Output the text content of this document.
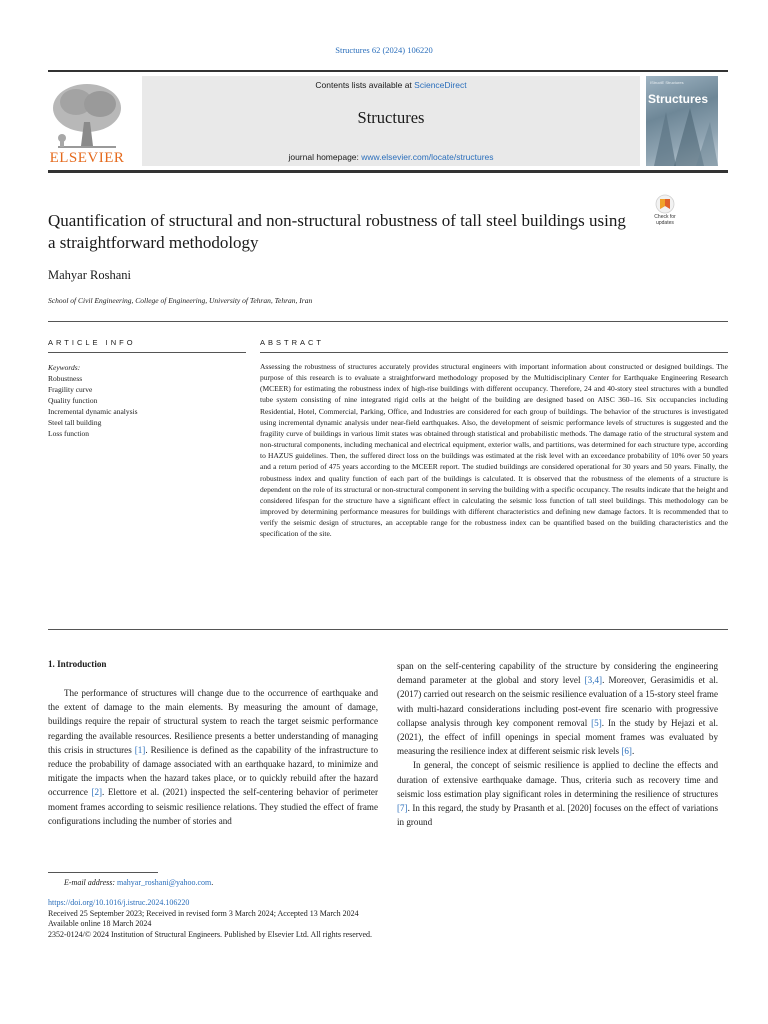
Structures 62 (2024) 106220
ELSEVIER
Contents lists available at ScienceDirect
Structures
journal homepage: www.elsevier.com/locate/structures
IStructE Structures
Structures
Quantification of structural and non-structural robustness of tall steel buildings using a straightforward methodology
Check for
updates
Mahyar Roshani
School of Civil Engineering, College of Engineering, University of Tehran, Tehran, Iran
ARTICLE INFO	ABSTRACT
Keywords:
Robustness
Fragility curve
Quality function
Incremental dynamic analysis
Steel tall building
Loss function
Assessing the robustness of structures accurately provides structural engineers with important information about constructed or designed buildings. The purpose of this research is to evaluate a straightforward methodology proposed by the Multidisciplinary Center for Earthquake Engineering Research (MCEER) for estimating the robustness index of high-rise buildings with different occupancy. Therefore, 24 and 40-story steel structures with a bundled tube system consisting of nine integrated rigid cells at the height of the building are designed based on AISC 360–16. Six occupancies including Residential, Hotel, Commercial, Parking, Office, and Industries are considered for each group of buildings. The behavior of the structures is investigated using incremental dynamic analysis under near-field earthquakes. Also, the development of seismic performance levels of structures is suggested and the fragility curve of buildings in various limit states was obtained through statistical and probabilistic methods. The damage ratio of the structural system and non-structural components, including mechanical and electrical equipment, exterior walls, and partitions, was determined for each structure type, according to HAZUS guidelines. Then, the suffered direct loss on the buildings was estimated at the risk level with an exceedance probability of 10% over 50 years and a return period of 475 years according to the MCEER report. The studied buildings are considered operational for 30 years and 50 years. Finally, the robustness index and quality function of each part of the buildings is calculated. It is observed that the robustness of the elements of a structure is dependent on the role of its structural or non-structural component in serving the building with a specific occupancy. The results indicate that the height and considered lifespan for the structure have a significant effect in calculating the seismic loss function of tall steel buildings. This methodology can be improved by determining performance measures for buildings with different characteristics and defining new damage factors. It is recommended that to verify the seismic design of structures, an acceptable range for the robustness index can be quantified based on the building characteristics and the specification of the site.
1. Introduction

The performance of structures will change due to the occurrence of earthquake and the extent of damage to the main elements. By measuring the amount of damage, buildings require the repair of structural system to reach the target seismic performance regarding the available resources. Resilience presents a better understanding of managing this crisis in structures [1]. Resilience is defined as the capability of the infrastructure to reduce the probability of damage associated with an earthquake hazard, to minimize and mitigate the impacts when the hazard takes place, or to quickly rebuild after the hazard occurrence [2]. Elettore et al. (2021) inspected the self-centering behavior of perimeter moment frames according to seismic resilience relations. They studied the effect of frame configurations including the number of stories and

span on the self-centering capability of the structure by considering the engineering demand parameter at the global and story level [3,4]. Moreover, Gerasimidis et al. (2017) carried out research on the seismic resilience evaluation of a 15-story steel frame with multi-hazard considerations including post-event fire scenario with progressive collapse analysis through key component removal [5]. In the study by Hejazi et al. (2021), the effect of infill openings in special moment frames was evaluated by measuring the resilience index at different seismic risk levels [6].

In general, the concept of seismic resilience is applied to decline the effects and duration of extensive earthquake damage. Thus, criteria such as recovery time and seismic loss estimation play significant roles in determining the resilience of structures [7]. In this regard, the study by Prasanth et al. [2020] focuses on the effect of variations in ground

E-mail address: mahyar_roshani@yahoo.com.
https://doi.org/10.1016/j.istruc.2024.106220
Received 25 September 2023; Received in revised form 3 March 2024; Accepted 13 March 2024
Available online 18 March 2024
2352-0124/© 2024 Institution of Structural Engineers. Published by Elsevier Ltd. All rights reserved.
